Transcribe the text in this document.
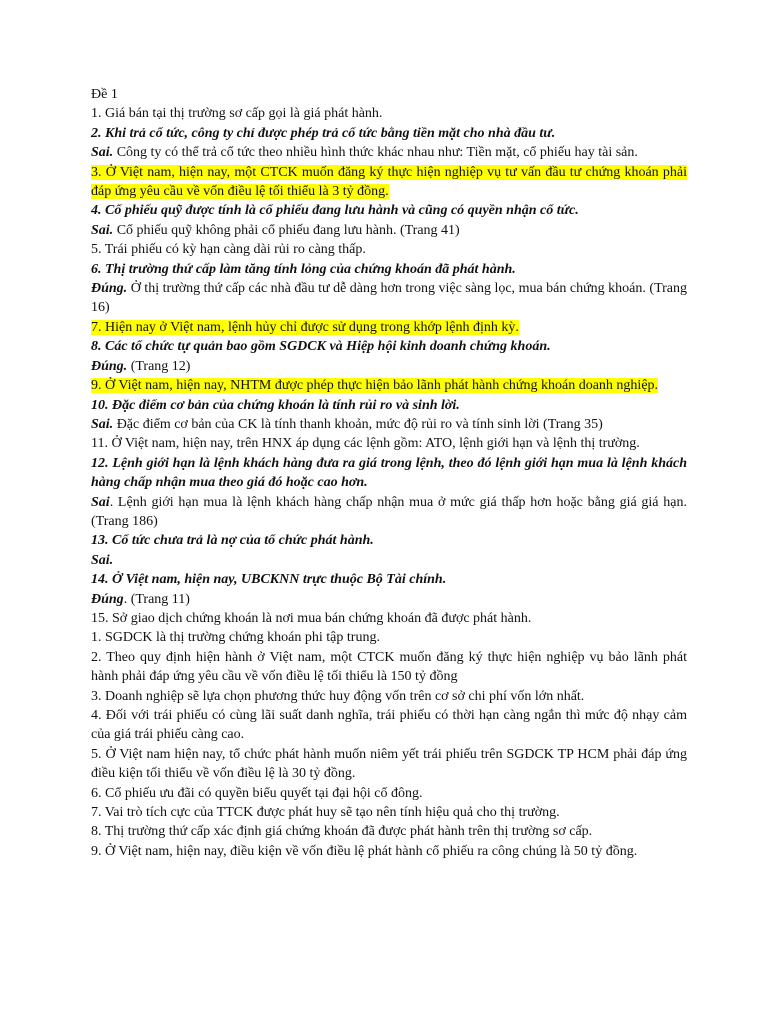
Đề 1

1. Giá bán tại thị trường sơ cấp gọi là giá phát hành.

2. Khi trả cổ tức, công ty chỉ được phép trả cổ tức bằng tiền mặt cho nhà đầu tư.

Sai. Công ty có thể trả cổ tức theo nhiều hình thức khác nhau như: Tiền mặt, cổ phiếu hay tài sản.

3. Ở Việt nam, hiện nay, một CTCK muốn đăng ký thực hiện nghiệp vụ tư vấn đầu tư chứng khoán phải đáp ứng yêu cầu về vốn điều lệ tối thiểu là 3 tỷ đồng.

4. Cổ phiếu quỹ được tính là cổ phiếu đang lưu hành và cũng có quyền nhận cổ tức.

Sai. Cổ phiếu quỹ không phải cổ phiếu đang lưu hành. (Trang 41)

5. Trái phiếu có kỳ hạn càng dài rủi ro càng thấp.

6. Thị trường thứ cấp làm tăng tính lỏng của chứng khoán đã phát hành.

Đúng. Ở thị trường thứ cấp các nhà đầu tư dễ dàng hơn trong việc sàng lọc, mua bán chứng khoán. (Trang 16)

7. Hiện nay ở Việt nam, lệnh hủy chỉ được sử dụng trong khớp lệnh định kỳ.

8. Các tổ chức tự quản bao gồm SGDCK và Hiệp hội kinh doanh chứng khoán.

Đúng. (Trang 12)

9. Ở Việt nam, hiện nay, NHTM được phép thực hiện bảo lãnh phát hành chứng khoán doanh nghiệp.

10. Đặc điểm cơ bản của chứng khoán là tính rủi ro và sinh lời.

Sai. Đặc điểm cơ bản của CK là tính thanh khoản, mức độ rủi ro và tính sinh lời (Trang 35)

11. Ở Việt nam, hiện nay, trên HNX áp dụng các lệnh gồm: ATO, lệnh giới hạn và lệnh thị trường.

12. Lệnh giới hạn là lệnh khách hàng đưa ra giá trong lệnh, theo đó lệnh giới hạn mua là lệnh khách hàng chấp nhận mua theo giá đó hoặc cao hơn.

Sai. Lệnh giới hạn mua là lệnh khách hàng chấp nhận mua ở mức giá thấp hơn hoặc bằng giá giá hạn. (Trang 186)

13. Cổ tức chưa trả là nợ của tổ chức phát hành.

Sai.

14. Ở Việt nam, hiện nay, UBCKNN trực thuộc Bộ Tài chính.

Đúng. (Trang 11)

15. Sở giao dịch chứng khoán là nơi mua bán chứng khoán đã được phát hành.

1. SGDCK là thị trường chứng khoán phi tập trung.

2. Theo quy định hiện hành ở Việt nam, một CTCK muốn đăng ký thực hiện nghiệp vụ bảo lãnh phát hành phải đáp ứng yêu cầu về vốn điều lệ tối thiểu là 150 tỷ đồng

3. Doanh nghiệp sẽ lựa chọn phương thức huy động vốn trên cơ sở chi phí vốn lớn nhất.

4. Đối với trái phiếu có cùng lãi suất danh nghĩa, trái phiếu có thời hạn càng ngắn thì mức độ nhạy cảm của giá trái phiếu càng cao.

5. Ở Việt nam hiện nay, tổ chức phát hành muốn niêm yết trái phiếu trên SGDCK TP HCM phải đáp ứng điều kiện tối thiểu về vốn điều lệ là 30 tỷ đồng.

6. Cổ phiếu ưu đãi có quyền biểu quyết tại đại hội cổ đông.

7. Vai trò tích cực của TTCK được phát huy sẽ tạo nên tính hiệu quả cho thị trường.

8. Thị trường thứ cấp xác định giá chứng khoán đã được phát hành trên thị trường sơ cấp.

9. Ở Việt nam, hiện nay, điều kiện về vốn điều lệ phát hành cổ phiếu ra công chúng là 50 tỷ đồng.
